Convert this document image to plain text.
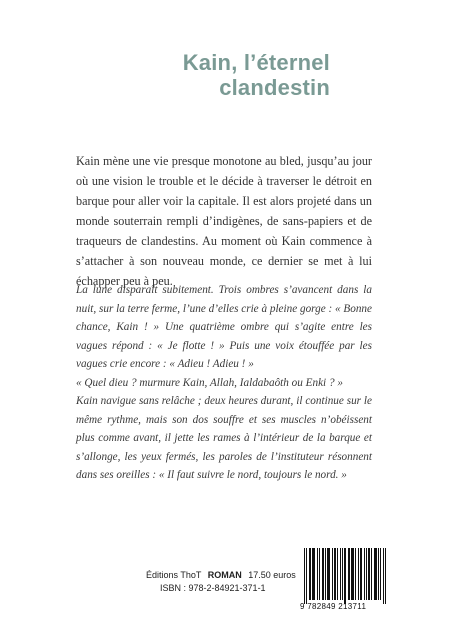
Kain, l’éternel
clandestin
Kain mène une vie presque monotone au bled, jusqu’au jour où une vision le trouble et le décide à traverser le détroit en barque pour aller voir la capitale. Il est alors projeté dans un monde souterrain rempli d’indigènes, de sans-papiers et de traqueurs de clandestins. Au moment où Kain commence à s’attacher à son nouveau monde, ce dernier se met à lui échapper peu à peu.

La lune disparaît subitement. Trois ombres s’avancent dans la nuit, sur la terre ferme, l’une d’elles crie à pleine gorge : « Bonne chance, Kain ! » Une quatrième ombre qui s’agite entre les vagues répond : « Je flotte ! » Puis une voix étouffée par les vagues crie encore : « Adieu ! Adieu ! »

« Quel dieu ? murmure Kain, Allah, Ialdabaôth ou Enki ? »

Kain navigue sans relâche ; deux heures durant, il continue sur le même rythme, mais son dos souffre et ses muscles n’obéissent plus comme avant, il jette les rames à l’intérieur de la barque et s’allonge, les yeux fermés, les paroles de l’instituteur résonnent dans ses oreilles : « Il faut suivre le nord, toujours le nord. »

Éditions ThoT ROMAN 17.50 euros
ISBN : 978-2-84921-371-1
9 782849 213711
